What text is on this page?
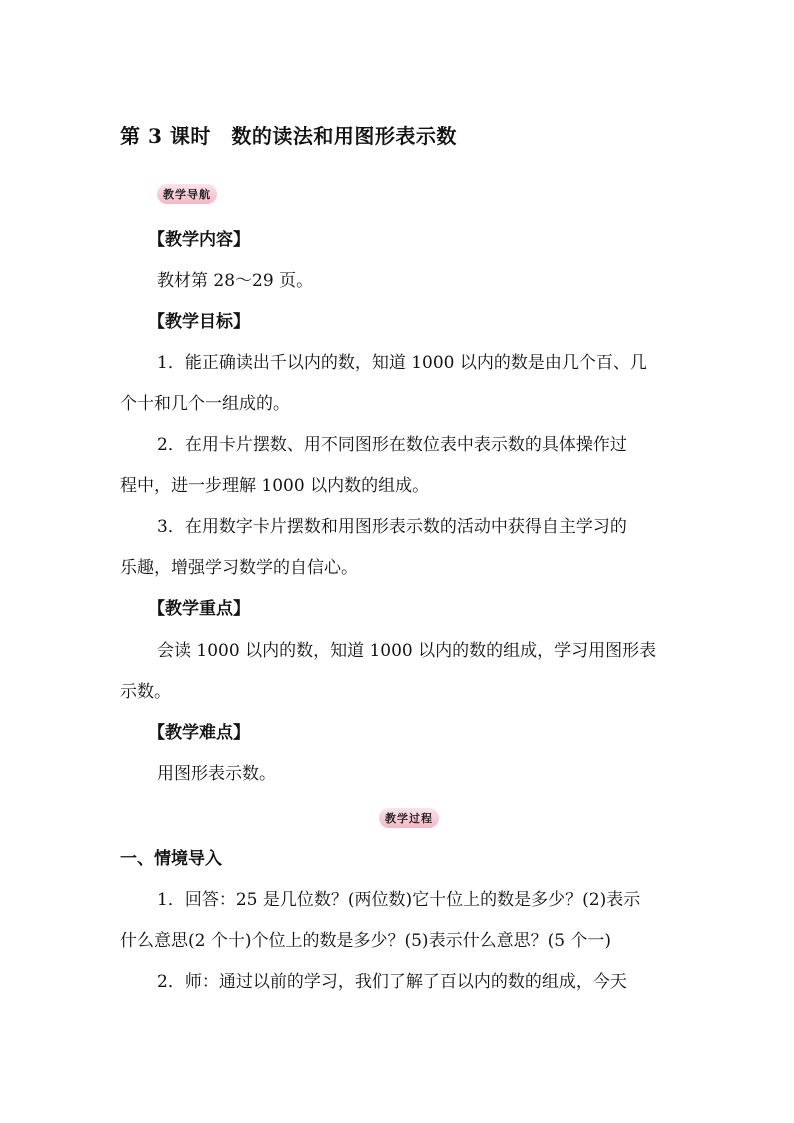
第 3 课时　数的读法和用图形表示数
教学导航
【教学内容】
教材第 28～29 页。
【教学目标】
1．能正确读出千以内的数，知道 1000 以内的数是由几个百、几
个十和几个一组成的。
2．在用卡片摆数、用不同图形在数位表中表示数的具体操作过
程中，进一步理解 1000 以内数的组成。
3．在用数字卡片摆数和用图形表示数的活动中获得自主学习的
乐趣，增强学习数学的自信心。
【教学重点】
会读 1000 以内的数，知道 1000 以内的数的组成，学习用图形表
示数。
【教学难点】
用图形表示数。
教学过程
一、情境导入
1．回答：25 是几位数？(两位数)它十位上的数是多少？(2)表示
什么意思(2 个十)个位上的数是多少？(5)表示什么意思？(5 个一)
2．师：通过以前的学习，我们了解了百以内的数的组成，今天
